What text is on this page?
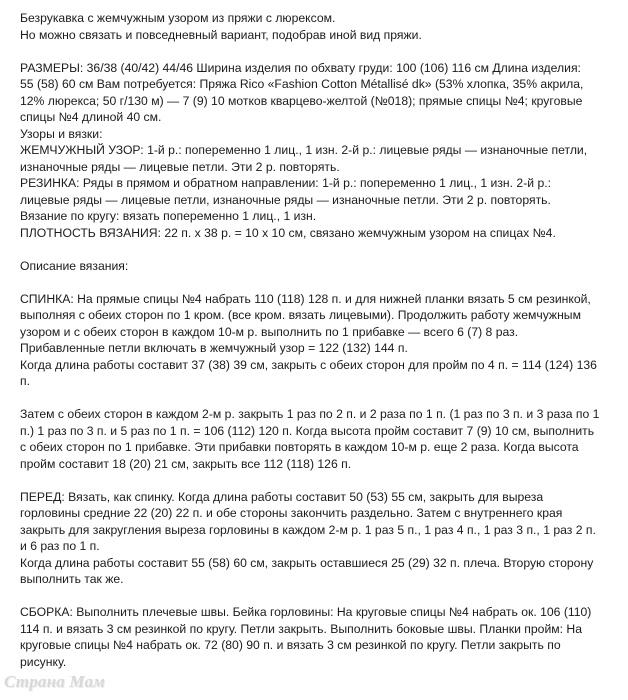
Безрукавка с жемчужным узором из пряжи с люрексом.

Но можно связать и повседневный вариант, подобрав иной вид пряжи.

РАЗМЕРЫ: 36/38 (40/42) 44/46 Ширина изделия по обхвату груди: 100 (106) 116 см Длина изделия:

55 (58) 60 см Вам потребуется: Пряжа Rico «Fashion Cotton Métallisé dk» (53% хлопка, 35% акрила,

12% люрекса; 50 г/130 м) — 7 (9) 10 мотков кварцево-желтой (№018); прямые спицы №4; круговые

спицы №4 длиной 40 см.

Узоры и вязки:

ЖЕМЧУЖНЫЙ УЗОР: 1-й р.: попеременно 1 лиц., 1 изн. 2-й р.: лицевые ряды — изнаночные петли,

изнаночные ряды — лицевые петли. Эти 2 р. повторять.

РЕЗИНКА: Ряды в прямом и обратном направлении: 1-й р.: попеременно 1 лиц., 1 изн. 2-й р.:

лицевые ряды — лицевые петли, изнаночные ряды — изнаночные петли. Эти 2 р. повторять.

Вязание по кругу: вязать попеременно 1 лиц., 1 изн.

ПЛОТНОСТЬ ВЯЗАНИЯ: 22 п. x 38 р. = 10 x 10 см, связано жемчужным узором на спицах №4.

Описание вязания:

СПИНКА: На прямые спицы №4 набрать 110 (118) 128 п. и для нижней планки вязать 5 см резинкой,

выполняя с обеих сторон по 1 кром. (все кром. вязать лицевыми). Продолжить работу жемчужным

узором и с обеих сторон в каждом 10-м р. выполнить по 1 прибавке — всего 6 (7) 8 раз.

Прибавленные петли включать в жемчужный узор = 122 (132) 144 п.

Когда длина работы составит 37 (38) 39 см, закрыть с обеих сторон для пройм по 4 п. = 114 (124) 136

п.

Затем с обеих сторон в каждом 2-м р. закрыть 1 раз по 2 п. и 2 раза по 1 п. (1 раз по 3 п. и 3 раза по 1

п.) 1 раз по 3 п. и 5 раз по 1 п. = 106 (112) 120 п. Когда высота пройм составит 7 (9) 10 см, выполнить

с обеих сторон по 1 прибавке. Эти прибавки повторять в каждом 10-м р. еще 2 раза. Когда высота

пройм составит 18 (20) 21 см, закрыть все 112 (118) 126 п.

ПЕРЕД: Вязать, как спинку. Когда длина работы составит 50 (53) 55 см, закрыть для выреза

горловины средние 22 (20) 22 п. и обе стороны закончить раздельно. Затем с внутреннего края

закрыть для закругления выреза горловины в каждом 2-м р. 1 раз 5 п., 1 раз 4 п., 1 раз 3 п., 1 раз 2 п.

и 6 раз по 1 п.

Когда длина работы составит 55 (58) 60 см, закрыть оставшиеся 25 (29) 32 п. плеча. Вторую сторону

выполнить так же.

СБОРКА: Выполнить плечевые швы. Бейка горловины: На круговые спицы №4 набрать ок. 106 (110)

114 п. и вязать 3 см резинкой по кругу. Петли закрыть. Выполнить боковые швы. Планки пройм: На

круговые спицы №4 набрать ок. 72 (80) 90 п. и вязать 3 см резинкой по кругу. Петли закрыть по

рисунку.

Страна Мам
